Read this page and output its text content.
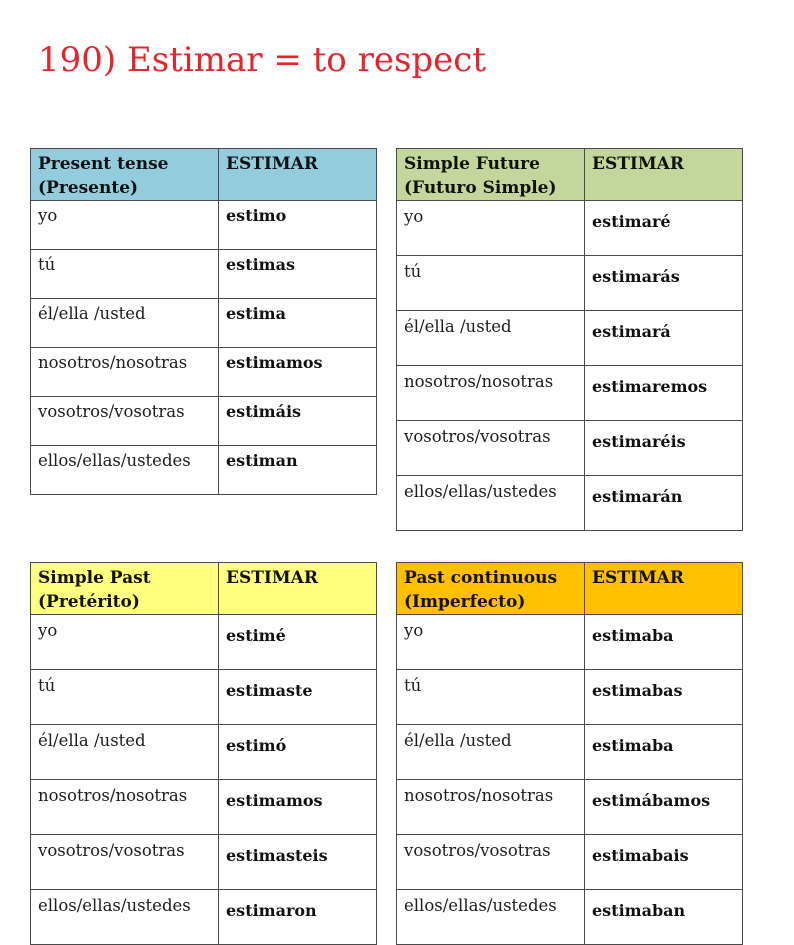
190) Estimar = to respect
Present tense
(Presente)	ESTIMAR
yo	estimo
tú	estimas
él/ella /usted	estima
nosotros/nosotras	estimamos
vosotros/vosotras	estimáis
ellos/ellas/ustedes	estiman
Simple Future
(Futuro Simple)	ESTIMAR
yo	estimaré
tú	estimarás
él/ella /usted	estimará
nosotros/nosotras	estimaremos
vosotros/vosotras	estimaréis
ellos/ellas/ustedes	estimarán
Simple Past
(Pretérito)	ESTIMAR
yo	estimé
tú	estimaste
él/ella /usted	estimó
nosotros/nosotras	estimamos
vosotros/vosotras	estimasteis
ellos/ellas/ustedes	estimaron
Past continuous
(Imperfecto)	ESTIMAR
yo	estimaba
tú	estimabas
él/ella /usted	estimaba
nosotros/nosotras	estimábamos
vosotros/vosotras	estimabais
ellos/ellas/ustedes	estimaban
